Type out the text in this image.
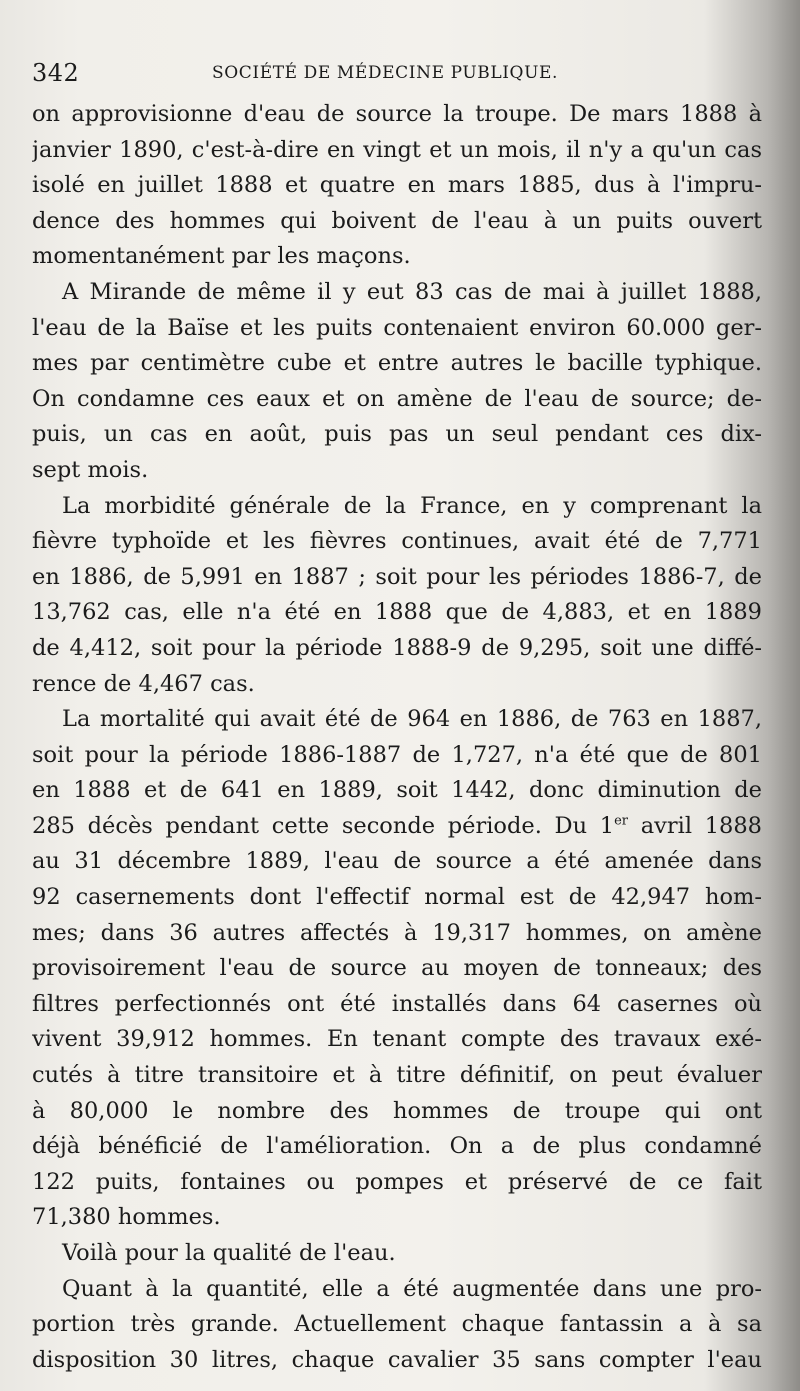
342	SOCIÉTÉ DE MÉDECINE PUBLIQUE.
on approvisionne d'eau de source la troupe. De mars 1888 à
janvier 1890, c'est-à-dire en vingt et un mois, il n'y a qu'un cas
isolé en juillet 1888 et quatre en mars 1885, dus à l'impru-
dence des hommes qui boivent de l'eau à un puits ouvert
momentanément par les maçons.
A Mirande de même il y eut 83 cas de mai à juillet 1888,
l'eau de la Baïse et les puits contenaient environ 60.000 ger-
mes par centimètre cube et entre autres le bacille typhique.
On condamne ces eaux et on amène de l'eau de source; de-
puis, un cas en août, puis pas un seul pendant ces dix-
sept mois.
La morbidité générale de la France, en y comprenant la
fièvre typhoïde et les fièvres continues, avait été de 7,771
en 1886, de 5,991 en 1887 ; soit pour les périodes 1886-7, de
13,762 cas, elle n'a été en 1888 que de 4,883, et en 1889
de 4,412, soit pour la période 1888-9 de 9,295, soit une diffé-
rence de 4,467 cas.
La mortalité qui avait été de 964 en 1886, de 763 en 1887,
soit pour la période 1886-1887 de 1,727, n'a été que de 801
en 1888 et de 641 en 1889, soit 1442, donc diminution de
285 décès pendant cette seconde période. Du 1er avril 1888
au 31 décembre 1889, l'eau de source a été amenée dans
92 casernements dont l'effectif normal est de 42,947 hom-
mes; dans 36 autres affectés à 19,317 hommes, on amène
provisoirement l'eau de source au moyen de tonneaux; des
filtres perfectionnés ont été installés dans 64 casernes où
vivent 39,912 hommes. En tenant compte des travaux exé-
cutés à titre transitoire et à titre définitif, on peut évaluer
à 80,000 le nombre des hommes de troupe qui ont
déjà bénéficié de l'amélioration. On a de plus condamné
122 puits, fontaines ou pompes et préservé de ce fait
71,380 hommes.
Voilà pour la qualité de l'eau.
Quant à la quantité, elle a été augmentée dans une pro-
portion très grande. Actuellement chaque fantassin a à sa
disposition 30 litres, chaque cavalier 35 sans compter l'eau
